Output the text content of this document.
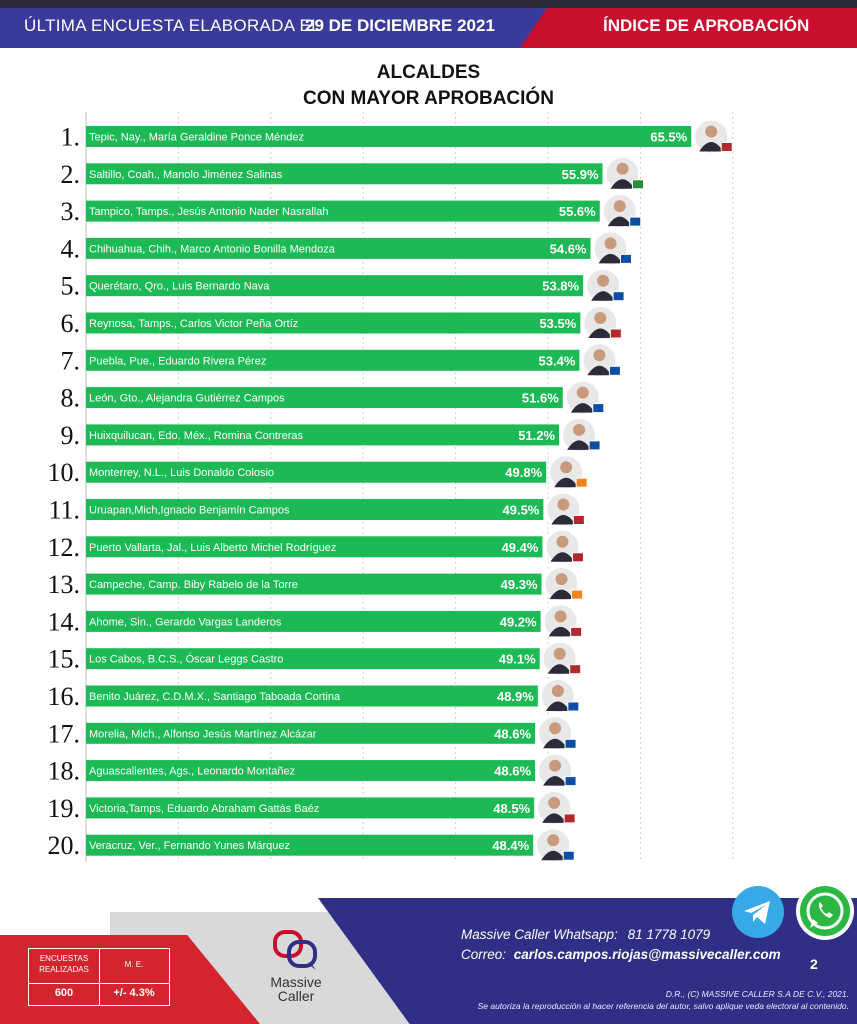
ÚLTIMA ENCUESTA ELABORADA EL
29 DE DICIEMBRE 2021	ÍNDICE DE APROBACIÓN
ALCALDES
CON MAYOR APROBACIÓN
1. Tepic, Nay., María Geraldine Ponce Méndez	65.5%
2. Saltillo, Coah., Manolo Jiménez Salinas	55.9%
3. Tampico, Tamps., Jesús Antonio Nader Nasrallah	55.6%
4. Chihuahua, Chih., Marco Antonio Bonilla Mendoza	54.6%
5. Querétaro, Qro., Luis Bernardo Nava	53.8%
6. Reynosa, Tamps., Carlos Victor Peña Ortíz	53.5%
7. Puebla, Pue., Eduardo Rivera Pérez	53.4%
8. León, Gto., Alejandra Gutiérrez Campos	51.6%
9. Huixquilucan, Edo. Méx., Romina Contreras	51.2%
10. Monterrey, N.L., Luis Donaldo Colosio	49.8%
11. Uruapan,Mich,Ignacio Benjamín Campos	49.5%
12. Puerto Vallarta, Jal., Luis Alberto Michel Rodríguez	49.4%
13. Campeche, Camp. Biby Rabelo de la Torre	49.3%
14. Ahome, Sin., Gerardo Vargas Landeros	49.2%
15. Los Cabos, B.C.S., Óscar Leggs Castro	49.1%
16. Benito Juárez, C.D.M.X., Santiago Taboada Cortina	48.9%
17. Morelia, Mich., Alfonso Jesús Martínez Alcázar	48.6%
18. Aguascalientes, Ags., Leonardo Montañez	48.6%
19. Victoria,Tamps, Eduardo Abraham Gattás Baéz	48.5%
20. Veracruz, Ver., Fernando Yunes Márquez	48.4%
ENCUESTAS REALIZADAS
M. E.
600	+/- 4.3%
Massive
Caller
Massive Caller Whatsapp: 81 1778 1079
Correo: carlos.campos.riojas@massivecaller.com
2
D.R., (C) MASSIVE CALLER S.A DE C.V., 2021.
Se autoriza la reproducción al hacer referencia del autor, salvo aplique veda electoral al contenido.
